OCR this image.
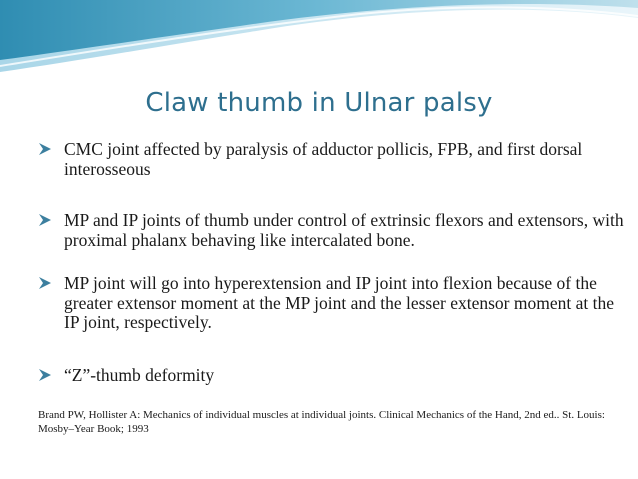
Claw thumb in Ulnar palsy
CMC joint affected by paralysis of adductor pollicis, FPB, and first dorsal interosseous
MP and IP joints of thumb under control of extrinsic flexors and extensors, with proximal phalanx behaving like intercalated bone.
MP joint will go into hyperextension and IP joint into flexion because of the greater extensor moment at the MP joint and the lesser extensor moment at the IP joint, respectively.
“Z”-thumb deformity
Brand PW, Hollister A: Mechanics of individual muscles at individual joints. Clinical Mechanics of the Hand, 2nd ed.. St. Louis: Mosby–Year Book; 1993
